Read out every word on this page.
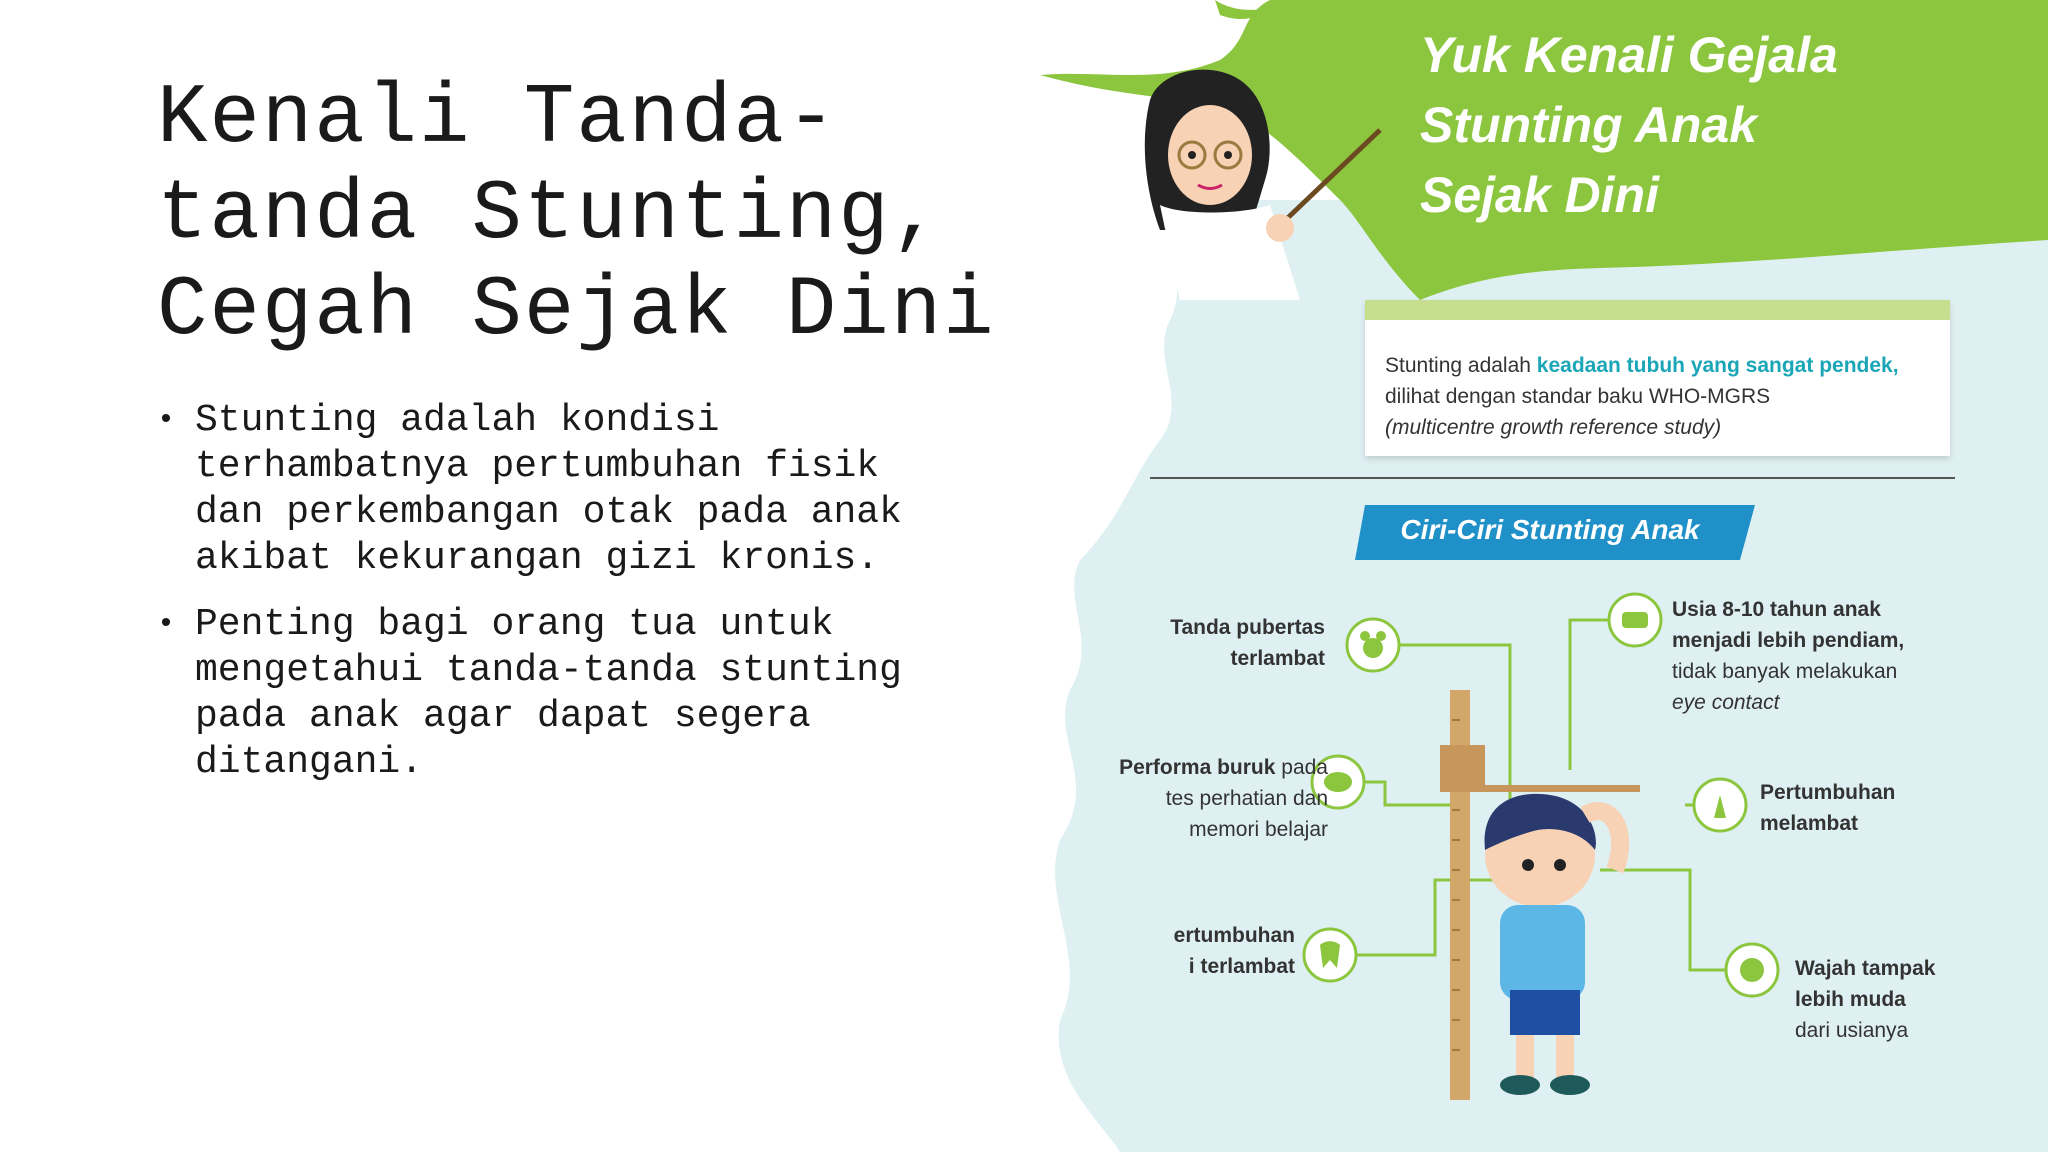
Kenali Tanda-tanda Stunting, Cegah Sejak Dini
• Stunting adalah kondisi terhambatnya pertumbuhan fisik dan perkembangan otak pada anak akibat kekurangan gizi kronis.
• Penting bagi orang tua untuk mengetahui tanda-tanda stunting pada anak agar dapat segera ditangani.
Yuk Kenali Gejala
Stunting Anak
Sejak Dini
Stunting adalah keadaan tubuh yang sangat pendek,
dilihat dengan standar baku WHO-MGRS
(multicentre growth reference study)
Ciri-Ciri Stunting Anak
Tanda pubertas
terlambat
Performa buruk pada
tes perhatian dan
memori belajar
ertumbuhan
i terlambat
Usia 8-10 tahun anak
menjadi lebih pendiam,
tidak banyak melakukan
eye contact
Pertumbuhan
melambat
Wajah tampak
lebih muda
dari usianya
